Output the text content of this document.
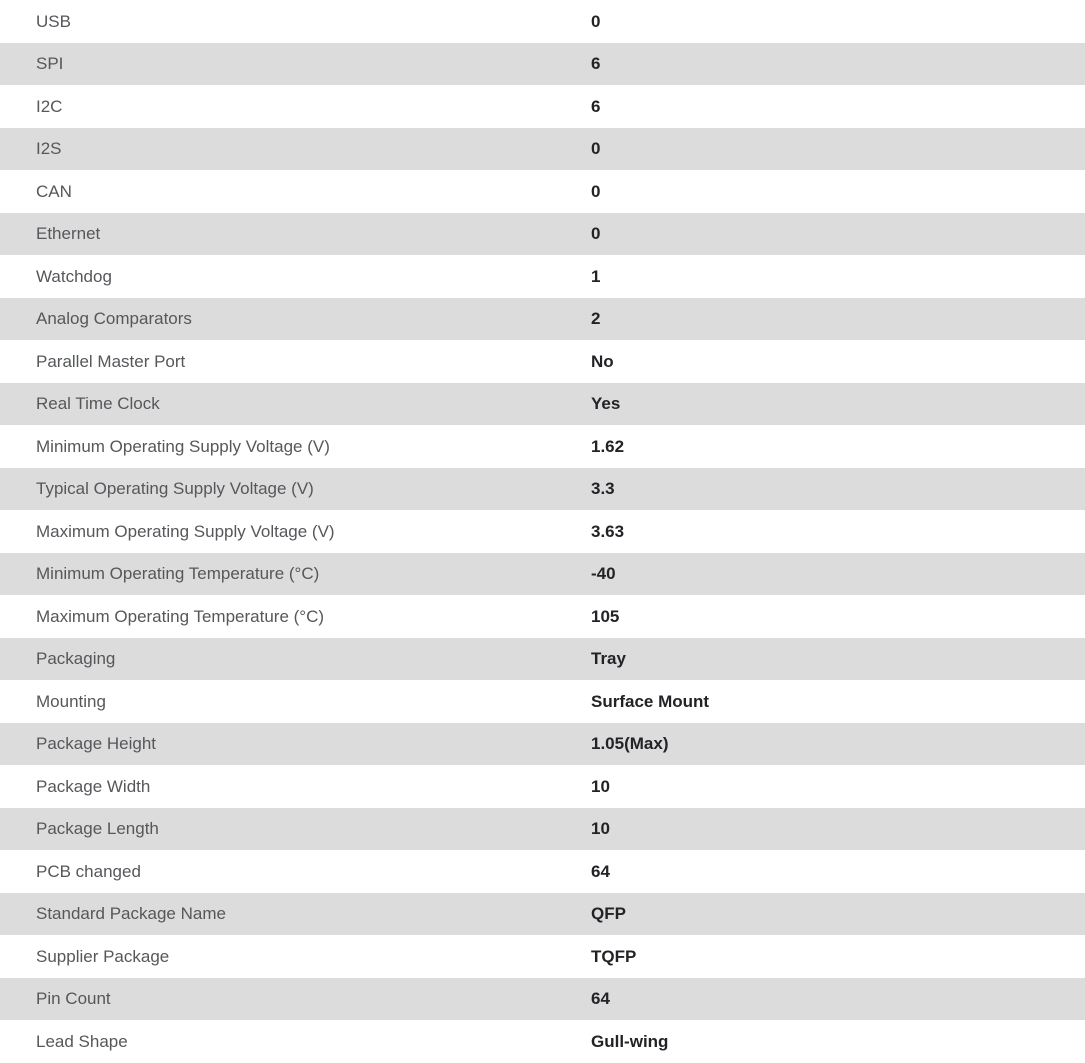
USB	0
SPI	6
I2C	6
I2S	0
CAN	0
Ethernet	0
Watchdog	1
Analog Comparators	2
Parallel Master Port	No
Real Time Clock	Yes
Minimum Operating Supply Voltage (V)	1.62
Typical Operating Supply Voltage (V)	3.3
Maximum Operating Supply Voltage (V)	3.63
Minimum Operating Temperature (°C)	-40
Maximum Operating Temperature (°C)	105
Packaging	Tray
Mounting	Surface Mount
Package Height	1.05(Max)
Package Width	10
Package Length	10
PCB changed	64
Standard Package Name	QFP
Supplier Package	TQFP
Pin Count	64
Lead Shape	Gull-wing
